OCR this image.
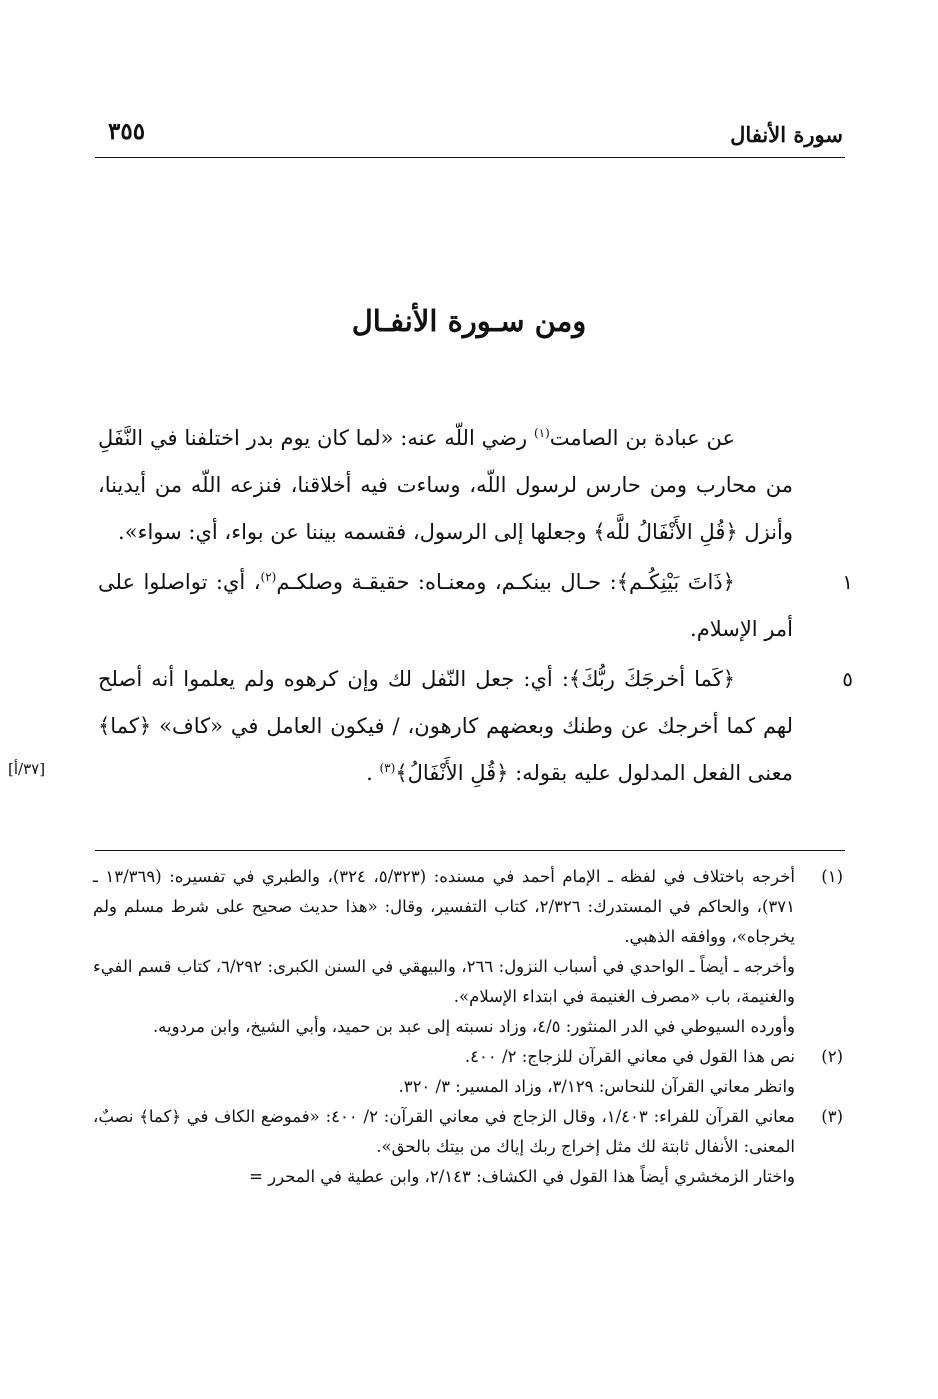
سورة الأنفال
٣٥٥
ومن سـورة الأنفـال

عن عبادة بن الصامت$^{(١)}$ رضي اللّه عنه: «لما كان يوم بدر اختلفنا في النَّفَلِ من محارب ومن حارس لرسول اللّه، وساءت فيه أخلاقنا، فنزعه اللّه من أيدينا، وأنزل ﴿قُلِ الأَنْفَالُ للَّه﴾ وجعلها إلى الرسول، فقسمه بيننا عن بواء، أي: سواء».

١

﴿ذَاتَ بَيْنِكُـم﴾: حـال بينكـم، ومعنـاه: حقيقـة وصلكـم$^{(٢)}$، أي: تواصلوا على أمر الإسلام.

٥

﴿كَما أخرجَكَ ربُّكَ﴾: أي: جعل النّفل لك وإن كرهوه ولم يعلموا أنه أصلح لهم كما أخرجك عن وطنك وبعضهم كارهون، / فيكون العامل في «كاف» ﴿كما﴾ معنى الفعل المدلول عليه بقوله: ﴿قُلِ الأَنْفَالُ﴾$^{(٣)}$ .

[٣٧/أ]
(١)

أخرجه باختلاف في لفظه ـ الإمام أحمد في مسنده: (٥/٣٢٣، ٣٢٤)، والطبري في تفسيره: (١٣/٣٦٩ ـ ٣٧١)، والحاكم في المستدرك: ٢/٣٢٦، كتاب التفسير، وقال: «هذا حديث صحيح على شرط مسلم ولم يخرجاه»، ووافقه الذهبي.

وأخرجه ـ أيضاً ـ الواحدي في أسباب النزول: ٢٦٦، والبيهقي في السنن الكبرى: ٦/٢٩٢، كتاب قسم الفيء والغنيمة، باب «مصرف الغنيمة في ابتداء الإسلام».

وأورده السيوطي في الدر المنثور: ٤/٥، وزاد نسبته إلى عبد بن حميد، وأبي الشيخ، وابن مردويه.

(٢)

نص هذا القول في معاني القرآن للزجاج: ٢/ ٤٠٠.

وانظر معاني القرآن للنحاس: ٣/١٢٩، وزاد المسير: ٣/ ٣٢٠.

(٣)

معاني القرآن للفراء: ١/٤٠٣، وقال الزجاج في معاني القرآن: ٢/ ٤٠٠: «فموضع الكاف في ﴿كما﴾ نصبٌ، المعنى: الأنفال ثابتة لك مثل إخراج ربك إياك من بيتك بالحق».

واختار الزمخشري أيضاً هذا القول في الكشاف: ٢/١٤٣، وابن عطية في المحرر =
